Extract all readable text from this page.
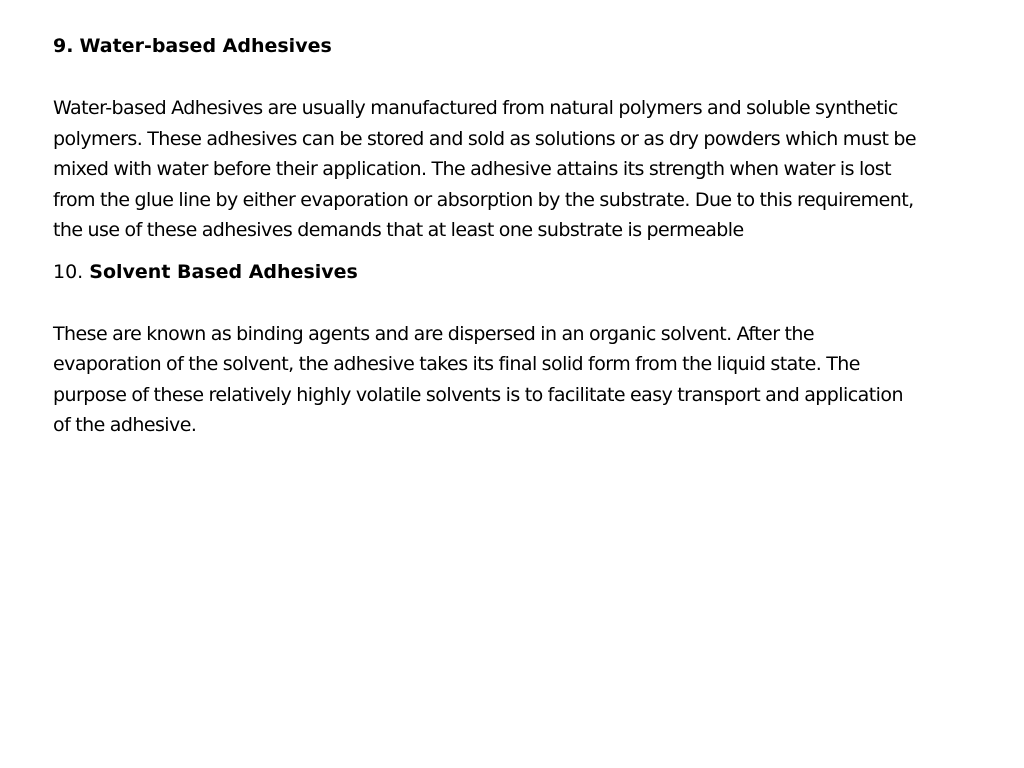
9. Water-based Adhesives

Water-based Adhesives are usually manufactured from natural polymers and soluble synthetic polymers. These adhesives can be stored and sold as solutions or as dry powders which must be mixed with water before their application. The adhesive attains its strength when water is lost from the glue line by either evaporation or absorption by the substrate. Due to this requirement, the use of these adhesives demands that at least one substrate is permeable

10. Solvent Based Adhesives

These are known as binding agents and are dispersed in an organic solvent. After the evaporation of the solvent, the adhesive takes its final solid form from the liquid state. The purpose of these relatively highly volatile solvents is to facilitate easy transport and application of the adhesive.
